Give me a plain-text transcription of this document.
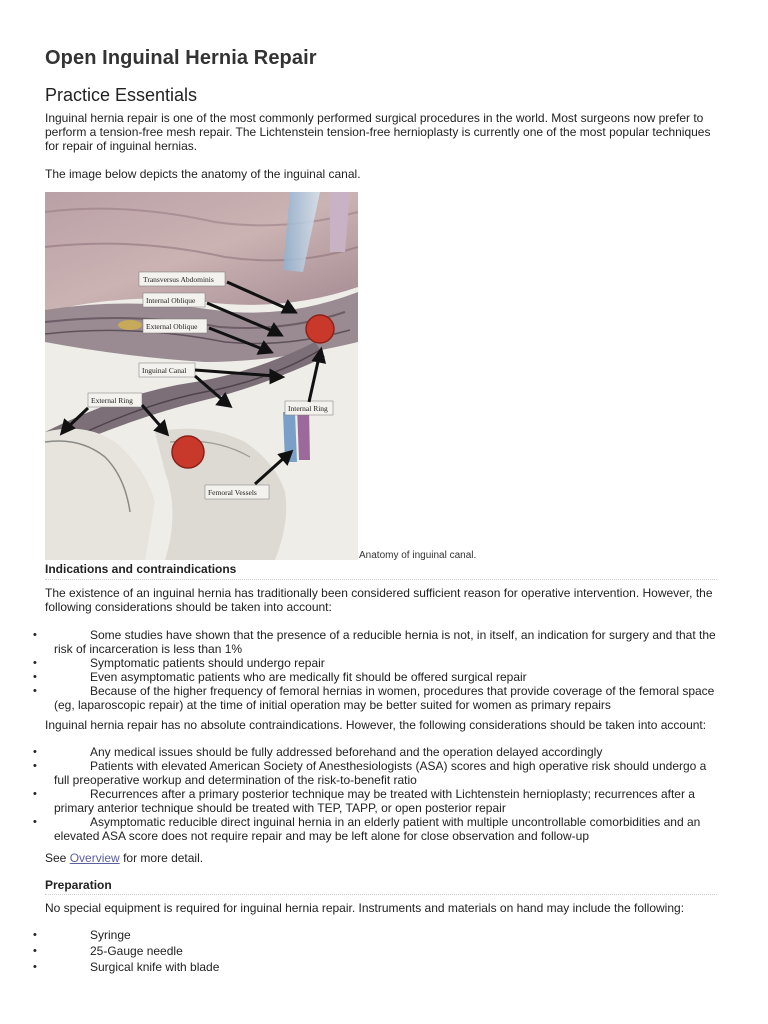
Open Inguinal Hernia Repair
Practice Essentials

Inguinal hernia repair is one of the most commonly performed surgical procedures in the world. Most surgeons now prefer to perform a tension-free mesh repair. The Lichtenstein tension-free hernioplasty is currently one of the most popular techniques for repair of inguinal hernias.

The image below depicts the anatomy of the inguinal canal.

Transversus Abdominis
Internal Oblique
External Oblique
Inguinal Canal
External Ring
Internal Ring
Femoral Vessels
Anatomy of inguinal canal.
Indications and contraindications

The existence of an inguinal hernia has traditionally been considered sufficient reason for operative intervention. However, the following considerations should be taken into account:

•	Some studies have shown that the presence of a reducible hernia is not, in itself, an indication for surgery and that the risk of incarceration is less than 1%
•	Symptomatic patients should undergo repair
•	Even asymptomatic patients who are medically fit should be offered surgical repair
•	Because of the higher frequency of femoral hernias in women, procedures that provide coverage of the femoral space (eg, laparoscopic repair) at the time of initial operation may be better suited for women as primary repairs

Inguinal hernia repair has no absolute contraindications. However, the following considerations should be taken into account:

•	Any medical issues should be fully addressed beforehand and the operation delayed accordingly
•	Patients with elevated American Society of Anesthesiologists (ASA) scores and high operative risk should undergo a full preoperative workup and determination of the risk-to-benefit ratio
•	Recurrences after a primary posterior technique may be treated with Lichtenstein hernioplasty; recurrences after a primary anterior technique should be treated with TEP, TAPP, or open posterior repair
•	Asymptomatic reducible direct inguinal hernia in an elderly patient with multiple uncontrollable comorbidities and an elevated ASA score does not require repair and may be left alone for close observation and follow-up

See Overview for more detail.

Preparation

No special equipment is required for inguinal hernia repair. Instruments and materials on hand may include the following:

•	Syringe
•	25-Gauge needle
•	Surgical knife with blade
